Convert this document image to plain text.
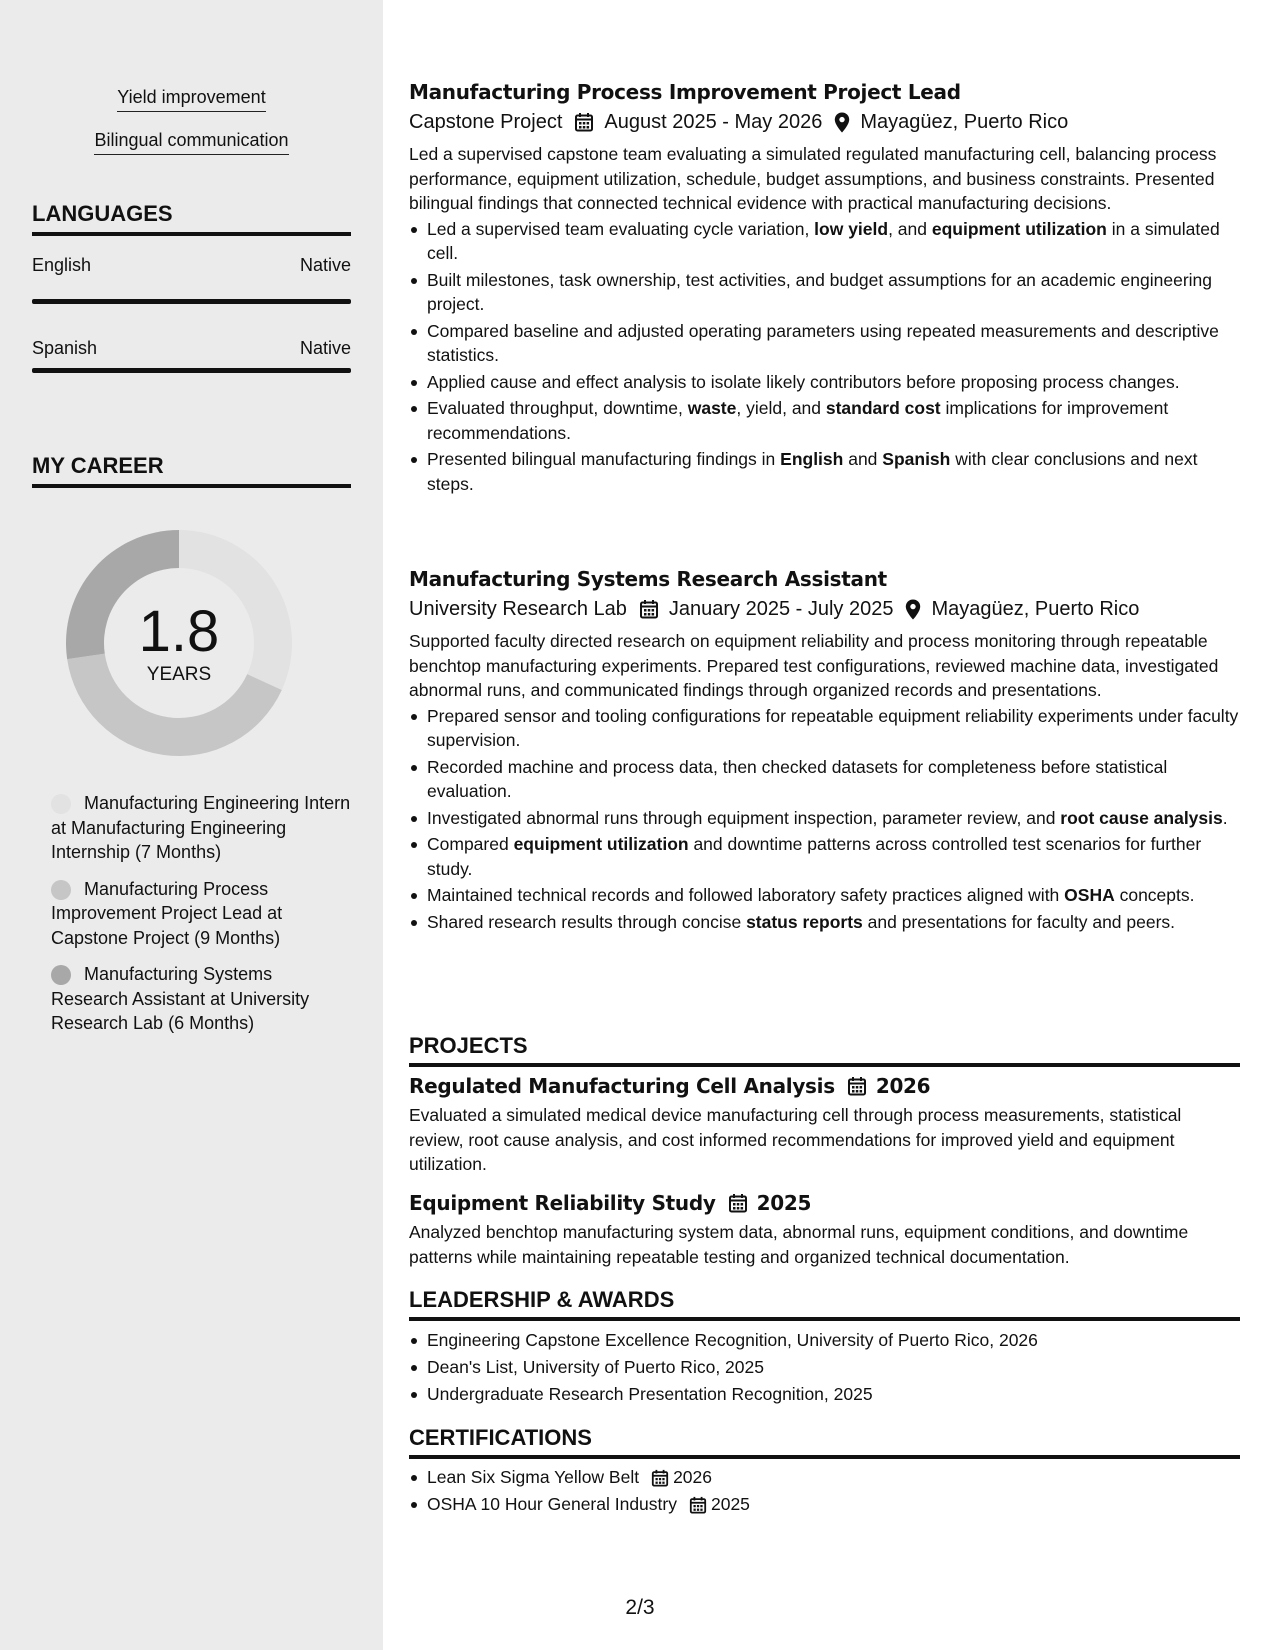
Yield improvement
Bilingual communication
LANGUAGES
English	Native
Spanish	Native
MY CAREER
1.8
YEARS
Manufacturing Engineering Intern at Manufacturing Engineering Internship (7 Months)
Manufacturing Process Improvement Project Lead at Capstone Project (9 Months)
Manufacturing Systems Research Assistant at University Research Lab (6 Months)
Manufacturing Process Improvement Project Lead
Capstone Project August 2025 - May 2026 Mayagüez, Puerto Rico

Led a supervised capstone team evaluating a simulated regulated manufacturing cell, balancing process performance, equipment utilization, schedule, budget assumptions, and business constraints. Presented bilingual findings that connected technical evidence with practical manufacturing decisions.

Led a supervised team evaluating cycle variation, low yield, and equipment utilization in a simulated cell.
Built milestones, task ownership, test activities, and budget assumptions for an academic engineering project.
Compared baseline and adjusted operating parameters using repeated measurements and descriptive statistics.
Applied cause and effect analysis to isolate likely contributors before proposing process changes.
Evaluated throughput, downtime, waste, yield, and standard cost implications for improvement recommendations.
Presented bilingual manufacturing findings in English and Spanish with clear conclusions and next steps.
Manufacturing Systems Research Assistant
University Research Lab January 2025 - July 2025 Mayagüez, Puerto Rico

Supported faculty directed research on equipment reliability and process monitoring through repeatable benchtop manufacturing experiments. Prepared test configurations, reviewed machine data, investigated abnormal runs, and communicated findings through organized records and presentations.

Prepared sensor and tooling configurations for repeatable equipment reliability experiments under faculty supervision.
Recorded machine and process data, then checked datasets for completeness before statistical evaluation.
Investigated abnormal runs through equipment inspection, parameter review, and root cause analysis.
Compared equipment utilization and downtime patterns across controlled test scenarios for further study.
Maintained technical records and followed laboratory safety practices aligned with OSHA concepts.
Shared research results through concise status reports and presentations for faculty and peers.
PROJECTS
Regulated Manufacturing Cell Analysis 2026

Evaluated a simulated medical device manufacturing cell through process measurements, statistical review, root cause analysis, and cost informed recommendations for improved yield and equipment utilization.

Equipment Reliability Study 2025

Analyzed benchtop manufacturing system data, abnormal runs, equipment conditions, and downtime patterns while maintaining repeatable testing and organized technical documentation.

LEADERSHIP & AWARDS
Engineering Capstone Excellence Recognition, University of Puerto Rico, 2026
Dean's List, University of Puerto Rico, 2025
Undergraduate Research Presentation Recognition, 2025
CERTIFICATIONS
Lean Six Sigma Yellow Belt 2026
OSHA 10 Hour General Industry 2025
2/3
